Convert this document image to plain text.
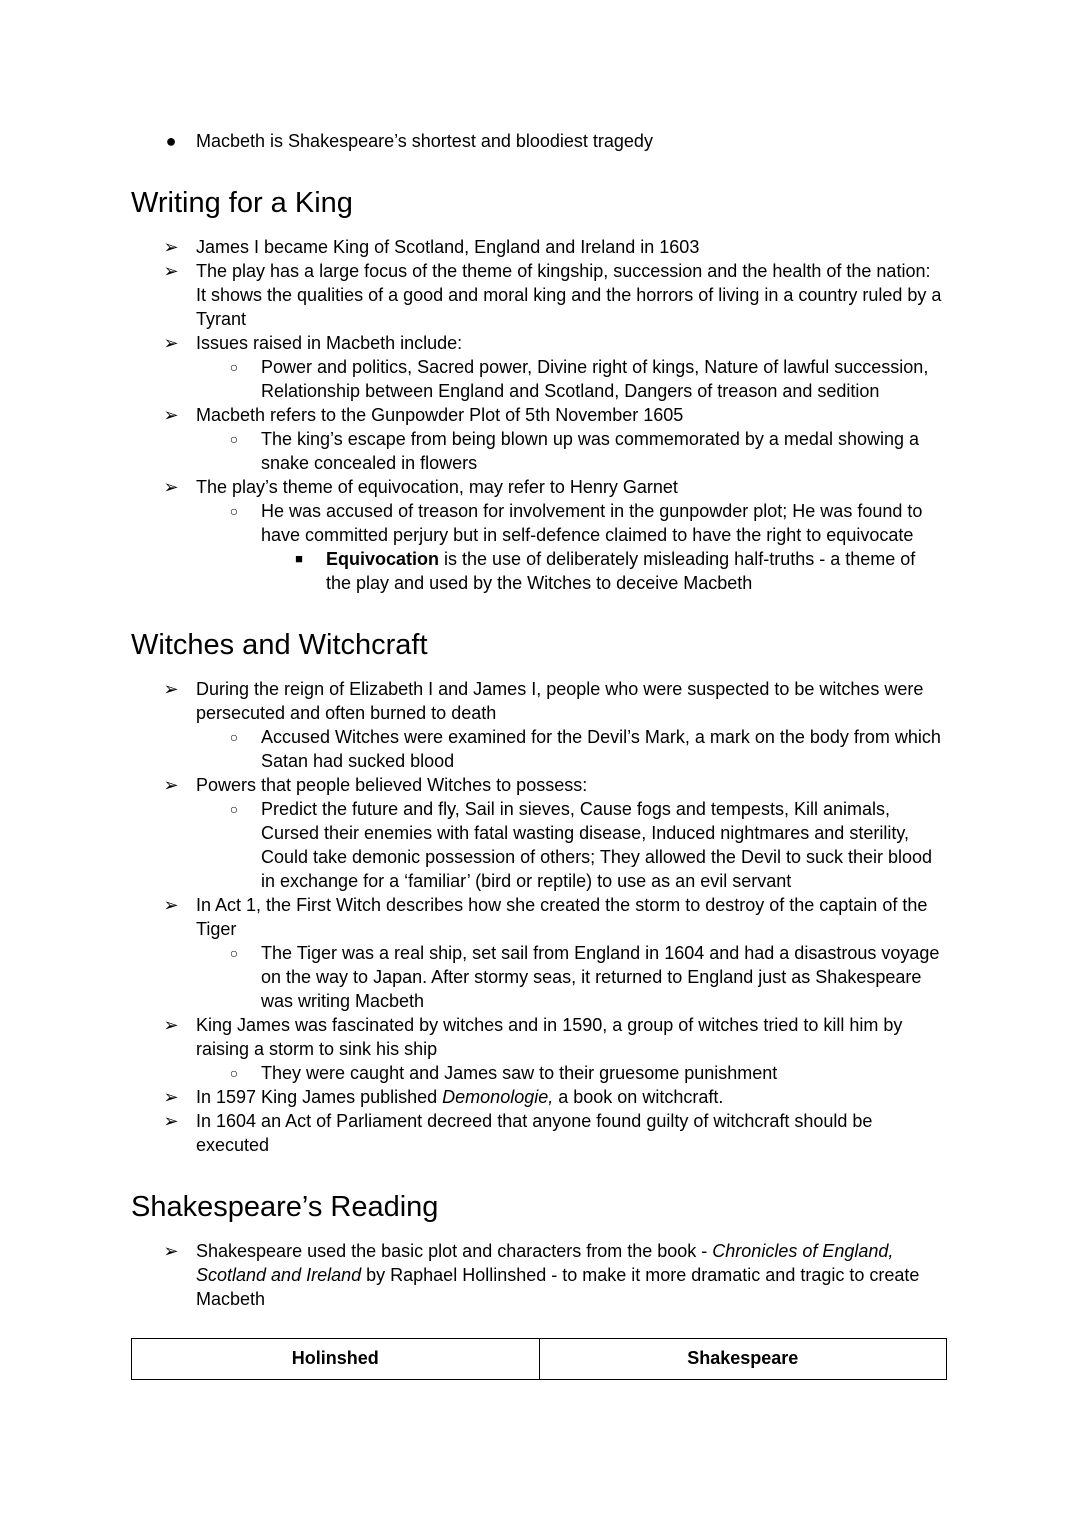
● Macbeth is Shakespeare’s shortest and bloodiest tragedy
Writing for a King
➢ James I became King of Scotland, England and Ireland in 1603
➢ The play has a large focus of the theme of kingship, succession and the health of the nation:
It shows the qualities of a good and moral king and the horrors of living in a country ruled by a
Tyrant
➢ Issues raised in Macbeth include:
○	Power and politics, Sacred power, Divine right of kings, Nature of lawful succession,
Relationship between England and Scotland, Dangers of treason and sedition
➢ Macbeth refers to the Gunpowder Plot of 5th November 1605
○	The king’s escape from being blown up was commemorated by a medal showing a
snake concealed in flowers
➢ The play’s theme of equivocation, may refer to Henry Garnet
○	He was accused of treason for involvement in the gunpowder plot; He was found to
have committed perjury but in self-defence claimed to have the right to equivocate
■	Equivocation is the use of deliberately misleading half-truths - a theme of
the play and used by the Witches to deceive Macbeth
Witches and Witchcraft
➢ During the reign of Elizabeth I and James I, people who were suspected to be witches were
persecuted and often burned to death
○	Accused Witches were examined for the Devil’s Mark, a mark on the body from which
Satan had sucked blood
➢ Powers that people believed Witches to possess:
○	Predict the future and fly, Sail in sieves, Cause fogs and tempests, Kill animals,
Cursed their enemies with fatal wasting disease, Induced nightmares and sterility,
Could take demonic possession of others; They allowed the Devil to suck their blood
in exchange for a ‘familiar’ (bird or reptile) to use as an evil servant
➢ In Act 1, the First Witch describes how she created the storm to destroy of the captain of the
Tiger
○	The Tiger was a real ship, set sail from England in 1604 and had a disastrous voyage
on the way to Japan. After stormy seas, it returned to England just as Shakespeare
was writing Macbeth
➢ King James was fascinated by witches and in 1590, a group of witches tried to kill him by
raising a storm to sink his ship
○	They were caught and James saw to their gruesome punishment
➢ In 1597 King James published Demonologie, a book on witchcraft.
➢ In 1604 an Act of Parliament decreed that anyone found guilty of witchcraft should be
executed
Shakespeare’s Reading
➢ Shakespeare used the basic plot and characters from the book - Chronicles of England,
Scotland and Ireland by Raphael Hollinshed - to make it more dramatic and tragic to create
Macbeth
Holinshed	Shakespeare
